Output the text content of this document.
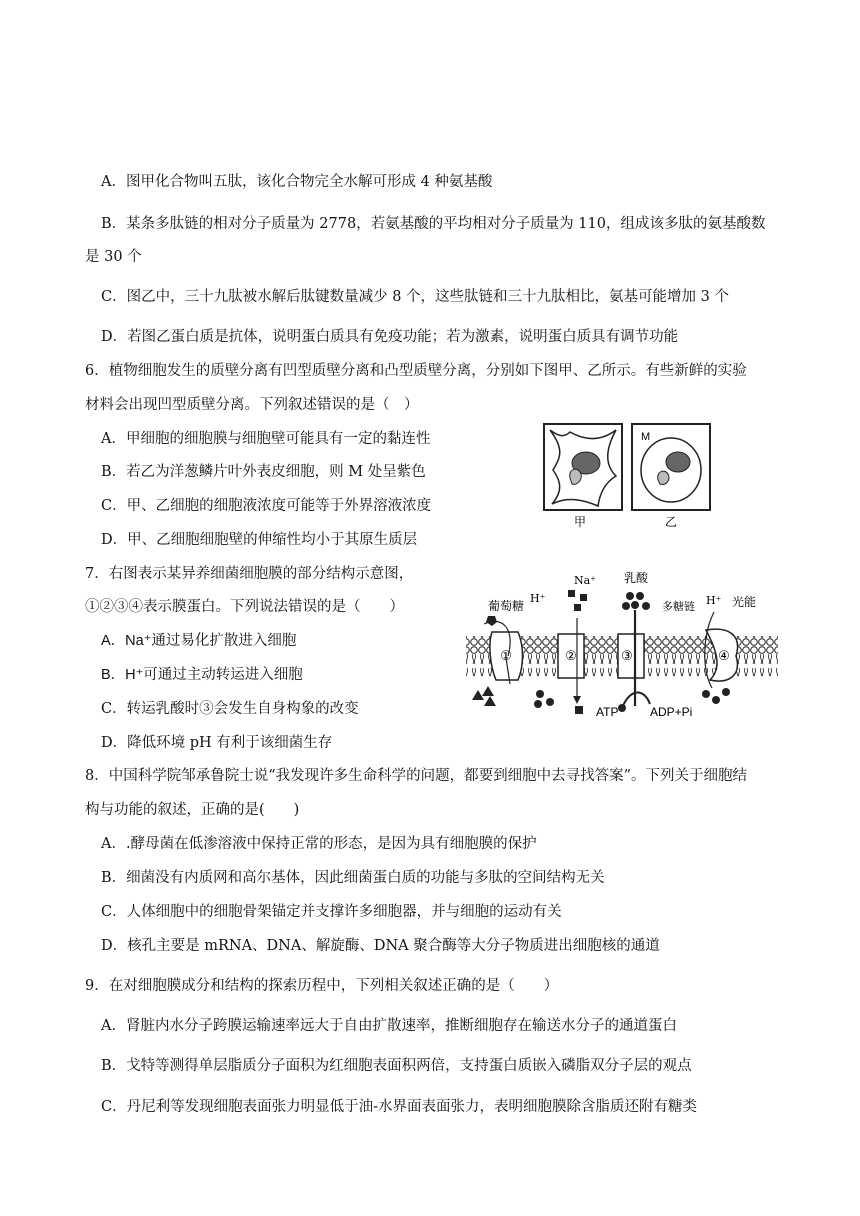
A．图甲化合物叫五肽，该化合物完全水解可形成 4 种氨基酸
B．某条多肽链的相对分子质量为 2778，若氨基酸的平均相对分子质量为 110，组成该多肽的氨基酸数
是 30 个
C．图乙中，三十九肽被水解后肽键数量减少 8 个，这些肽链和三十九肽相比，氨基可能增加 3 个
D．若图乙蛋白质是抗体，说明蛋白质具有免疫功能；若为激素，说明蛋白质具有调节功能
6．植物细胞发生的质壁分离有凹型质壁分离和凸型质壁分离，分别如下图甲、乙所示。有些新鲜的实验
材料会出现凹型质壁分离。下列叙述错误的是（　）
A．甲细胞的细胞膜与细胞壁可能具有一定的黏连性
B．若乙为洋葱鳞片叶外表皮细胞，则 M 处呈紫色
C．甲、乙细胞的细胞液浓度可能等于外界溶液浓度
D．甲、乙细胞细胞壁的伸缩性均小于其原生质层
甲
M
乙
7．右图表示某异养细菌细胞膜的部分结构示意图，
①②③④表示膜蛋白。下列说法错误的是（　　）
A．Na⁺通过易化扩散进入细胞
B．H⁺可通过主动转运进入细胞
C．转运乳酸时③会发生自身构象的改变
D．降低环境 pH 有利于该细菌生存
①	②	③	④
葡萄糖
H⁺
Na⁺ 乳酸
多糖链 H⁺ 光能
ATP	ADP+Pi
8．中国科学院邹承鲁院士说“我发现许多生命科学的问题，都要到细胞中去寻找答案”。下列关于细胞结
构与功能的叙述，正确的是(　　)
A．.酵母菌在低渗溶液中保持正常的形态，是因为具有细胞膜的保护
B．细菌没有内质网和高尔基体，因此细菌蛋白质的功能与多肽的空间结构无关
C．人体细胞中的细胞骨架锚定并支撑许多细胞器，并与细胞的运动有关
D．核孔主要是 mRNA、DNA、解旋酶、DNA 聚合酶等大分子物质进出细胞核的通道
9．在对细胞膜成分和结构的探索历程中，下列相关叙述正确的是（　　）
A．肾脏内水分子跨膜运输速率远大于自由扩散速率，推断细胞存在输送水分子的通道蛋白
B．戈特等测得单层脂质分子面积为红细胞表面积两倍，支持蛋白质嵌入磷脂双分子层的观点
C．丹尼利等发现细胞表面张力明显低于油-水界面表面张力，表明细胞膜除含脂质还附有糖类
